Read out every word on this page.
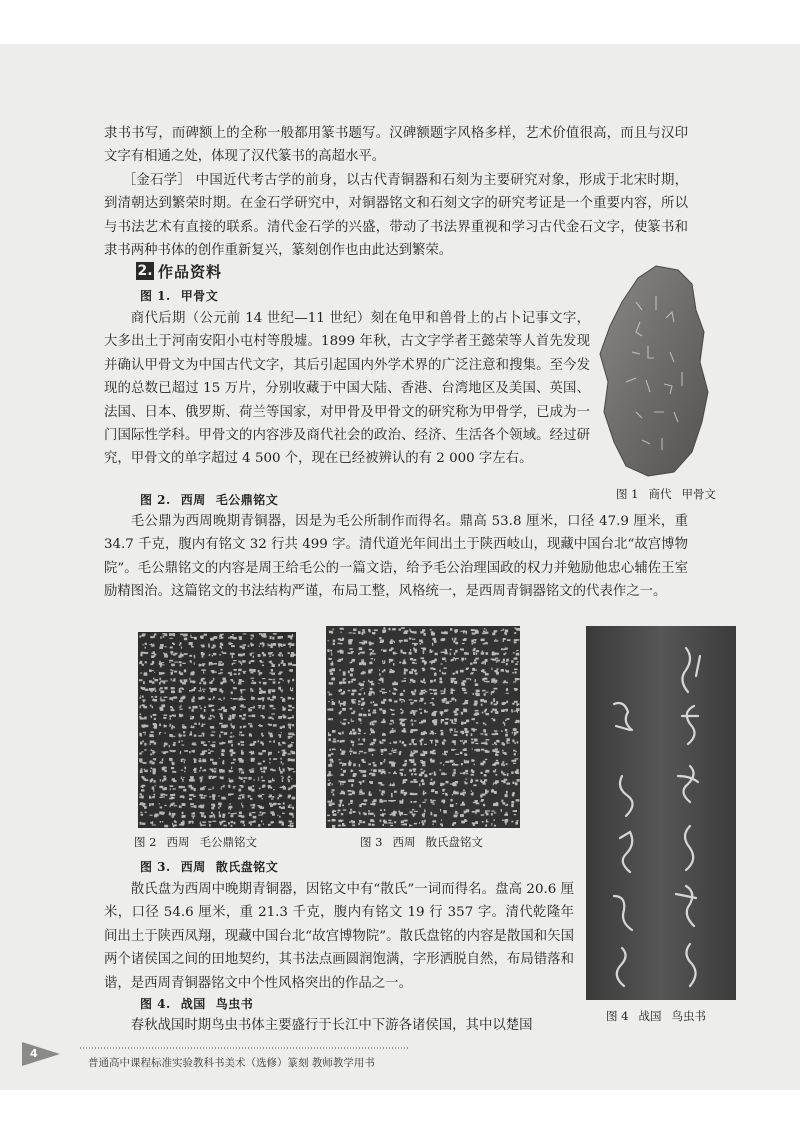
隶书书写，而碑额上的全称一般都用篆书题写。汉碑额题字风格多样，艺术价值很高，而且与汉印文字有相通之处，体现了汉代篆书的高超水平。

［金石学］ 中国近代考古学的前身，以古代青铜器和石刻为主要研究对象，形成于北宋时期，到清朝达到繁荣时期。在金石学研究中，对铜器铭文和石刻文字的研究考证是一个重要内容，所以与书法艺术有直接的联系。清代金石学的兴盛，带动了书法界重视和学习古代金石文字，使篆书和隶书两种书体的创作重新复兴，篆刻创作也由此达到繁荣。

2. 作品资料
图 1. 甲骨文

商代后期（公元前 14 世纪—11 世纪）刻在龟甲和兽骨上的占卜记事文字，大多出土于河南安阳小屯村等殷墟。1899 年秋，古文字学者王懿荣等人首先发现并确认甲骨文为中国古代文字，其后引起国内外学术界的广泛注意和搜集。至今发现的总数已超过 15 万片，分别收藏于中国大陆、香港、台湾地区及美国、英国、法国、日本、俄罗斯、荷兰等国家，对甲骨及甲骨文的研究称为甲骨学，已成为一门国际性学科。甲骨文的内容涉及商代社会的政治、经济、生活各个领域。经过研究，甲骨文的单字超过 4 500 个，现在已经被辨认的有 2 000 字左右。

图 1 商代 甲骨文
图 2. 西周 毛公鼎铭文

毛公鼎为西周晚期青铜器，因是为毛公所制作而得名。鼎高 53.8 厘米，口径 47.9 厘米，重 34.7 千克，腹内有铭文 32 行共 499 字。清代道光年间出土于陕西岐山，现藏中国台北“故宫博物院”。毛公鼎铭文的内容是周王给毛公的一篇文诰，给予毛公治理国政的权力并勉励他忠心辅佐王室励精图治。这篇铭文的书法结构严谨，布局工整，风格统一，是西周青铜器铭文的代表作之一。

图 2 西周 毛公鼎铭文	图 3 西周 散氏盘铭文
图 4 战国 鸟虫书
图 3. 西周 散氏盘铭文

散氏盘为西周中晚期青铜器，因铭文中有“散氏”一词而得名。盘高 20.6 厘米，口径 54.6 厘米，重 21.3 千克，腹内有铭文 19 行 357 字。清代乾隆年间出土于陕西凤翔，现藏中国台北“故宫博物院”。散氏盘铭的内容是散国和矢国两个诸侯国之间的田地契约，其书法点画圆润饱满，字形洒脱自然，布局错落和谐，是西周青铜器铭文中个性风格突出的作品之一。

图 4. 战国 鸟虫书

春秋战国时期鸟虫书体主要盛行于长江中下游各诸侯国，其中以楚国

4
普通高中课程标准实验教科书美术（选修）篆刻 教师教学用书
